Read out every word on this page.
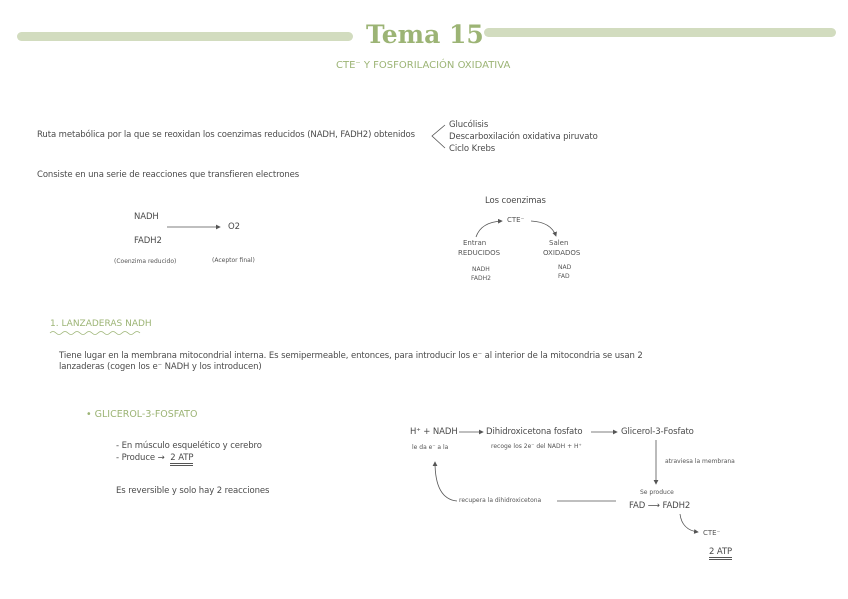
Tema 15
CTE⁻ Y FOSFORILACIÓN OXIDATIVA
Ruta metabólica por la que se reoxidan los coenzimas reducidos (NADH, FADH2) obtenidos
Glucólisis
Descarboxilación oxidativa piruvato
Ciclo Krebs
Consiste en una serie de reacciones que transfieren electrones
NADH
FADH2
O2
(Coenzima reducido)	(Aceptor final)
Los coenzimas
CTE⁻
Entran
REDUCIDOS
NADH
FADH2
Salen
OXIDADOS
NAD
FAD
1. LANZADERAS NADH
Tiene lugar en la membrana mitocondrial interna. Es semipermeable, entonces, para introducir los e⁻ al interior de la mitocondria se usan 2
lanzaderas (cogen los e⁻ NADH y los introducen)
• GLICEROL-3-FOSFATO
- En músculo esquelético y cerebro
- Produce → 2 ATP
Es reversible y solo hay 2 reacciones
H⁺ + NADH
le da e⁻ a la
Dihidroxicetona fosfato
recoge los 2e⁻ del NADH + H⁺
Glicerol-3-Fosfato
atraviesa la membrana
Se produce
FAD ⟶ FADH2
recupera la dihidroxicetona
CTE⁻
2 ATP
